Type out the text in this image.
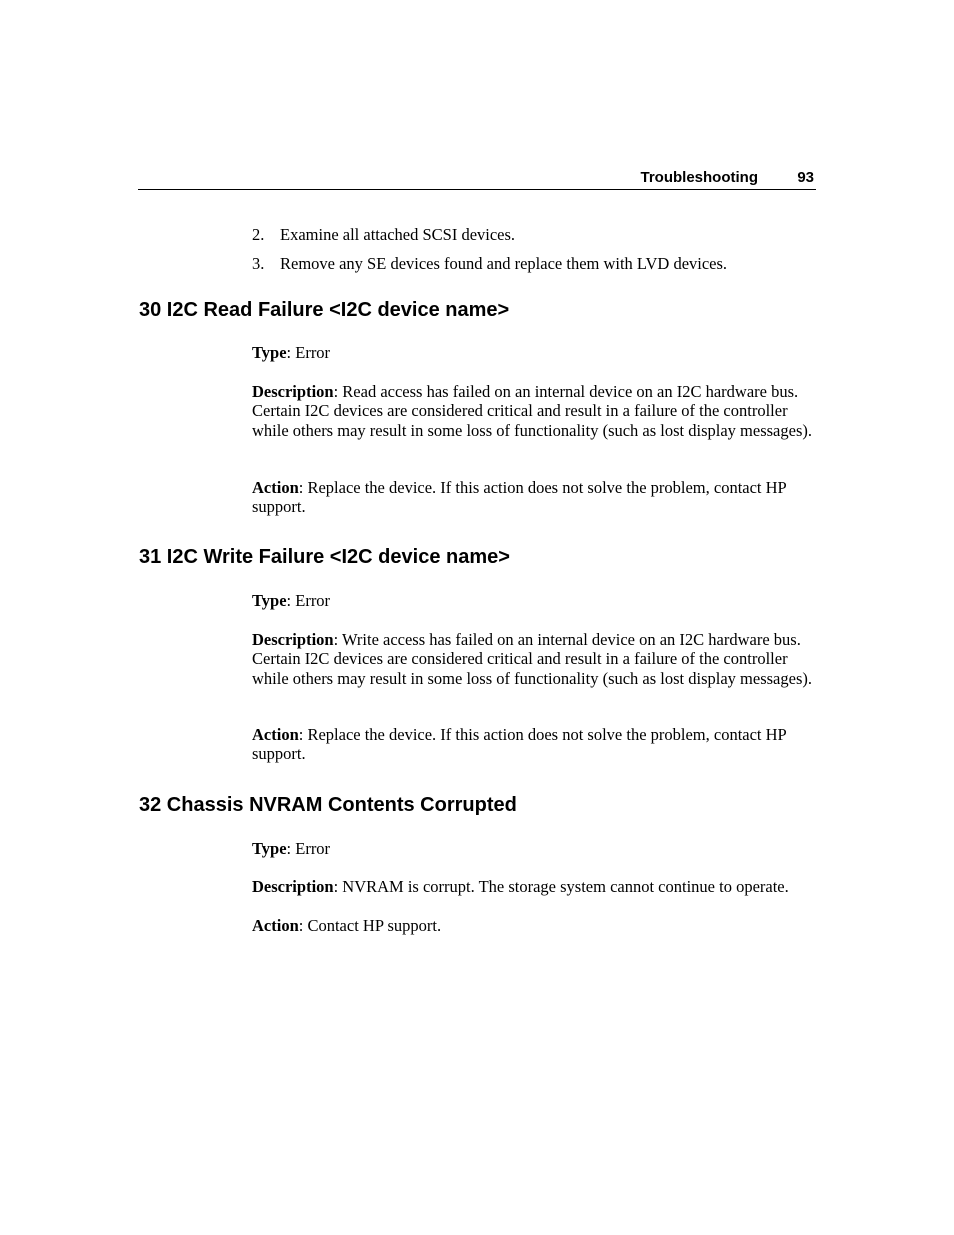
Troubleshooting	93
2. Examine all attached SCSI devices.
3. Remove any SE devices found and replace them with LVD devices.
30 I2C Read Failure <I2C device name>

Type: Error

Description: Read access has failed on an internal device on an I2C hardware bus. Certain I2C devices are considered critical and result in a failure of the controller while others may result in some loss of functionality (such as lost display messages).

Action: Replace the device. If this action does not solve the problem, contact HP support.

31 I2C Write Failure <I2C device name>

Type: Error

Description: Write access has failed on an internal device on an I2C hardware bus. Certain I2C devices are considered critical and result in a failure of the controller while others may result in some loss of functionality (such as lost display messages).

Action: Replace the device. If this action does not solve the problem, contact HP support.

32 Chassis NVRAM Contents Corrupted

Type: Error

Description: NVRAM is corrupt. The storage system cannot continue to operate.

Action: Contact HP support.
